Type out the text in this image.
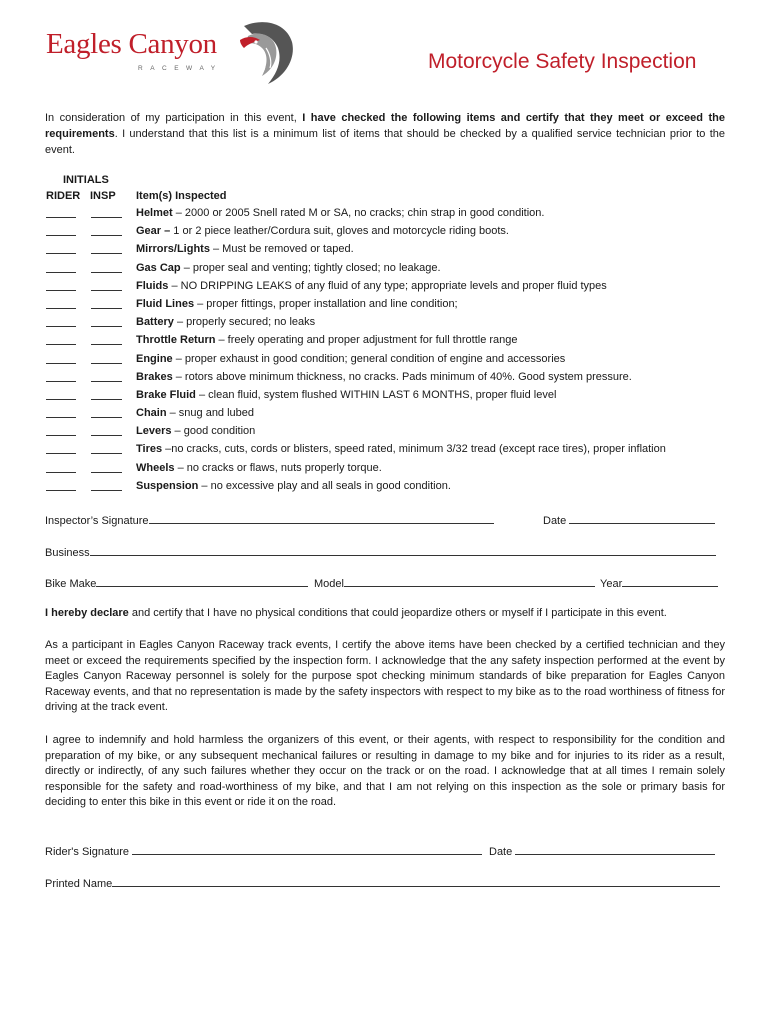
Eagles Canyon
RACEWAY	Motorcycle Safety Inspection
In consideration of my participation in this event, I have checked the following items and certify that they meet or exceed the requirements. I understand that this list is a minimum list of items that should be checked by a qualified service technician prior to the event.
INITIALS
RIDER INSP Item(s) Inspected
Helmet – 2000 or 2005 Snell rated M or SA, no cracks; chin strap in good condition.
Gear – 1 or 2 piece leather/Cordura suit, gloves and motorcycle riding boots.
Mirrors/Lights – Must be removed or taped.
Gas Cap – proper seal and venting; tightly closed; no leakage.
Fluids – NO DRIPPING LEAKS of any fluid of any type; appropriate levels and proper fluid types
Fluid Lines – proper fittings, proper installation and line condition;
Battery – properly secured; no leaks
Throttle Return – freely operating and proper adjustment for full throttle range
Engine – proper exhaust in good condition; general condition of engine and accessories
Brakes – rotors above minimum thickness, no cracks. Pads minimum of 40%. Good system pressure.
Brake Fluid – clean fluid, system flushed WITHIN LAST 6 MONTHS, proper fluid level
Chain – snug and lubed
Levers – good condition
Tires –no cracks, cuts, cords or blisters, speed rated, minimum 3/32 tread (except race tires), proper inflation
Wheels – no cracks or flaws, nuts properly torque.
Suspension – no excessive play and all seals in good condition.
Inspector’s Signature	Date
Business
Bike Make	Model	Year
I hereby declare and certify that I have no physical conditions that could jeopardize others or myself if I participate in this event.
As a participant in Eagles Canyon Raceway track events, I certify the above items have been checked by a certified technician and they meet or exceed the requirements specified by the inspection form. I acknowledge that the any safety inspection performed at the event by Eagles Canyon Raceway personnel is solely for the purpose spot checking minimum standards of bike preparation for Eagles Canyon Raceway events, and that no representation is made by the safety inspectors with respect to my bike as to the road worthiness of fitness for driving at the track event.
I agree to indemnify and hold harmless the organizers of this event, or their agents, with respect to responsibility for the condition and preparation of my bike, or any subsequent mechanical failures or resulting in damage to my bike and for injuries to its rider as a result, directly or indirectly, of any such failures whether they occur on the track or on the road. I acknowledge that at all times I remain solely responsible for the safety and road-worthiness of my bike, and that I am not relying on this inspection as the sole or primary basis for deciding to enter this bike in this event or ride it on the road.
Rider's Signature	Date
Printed Name
